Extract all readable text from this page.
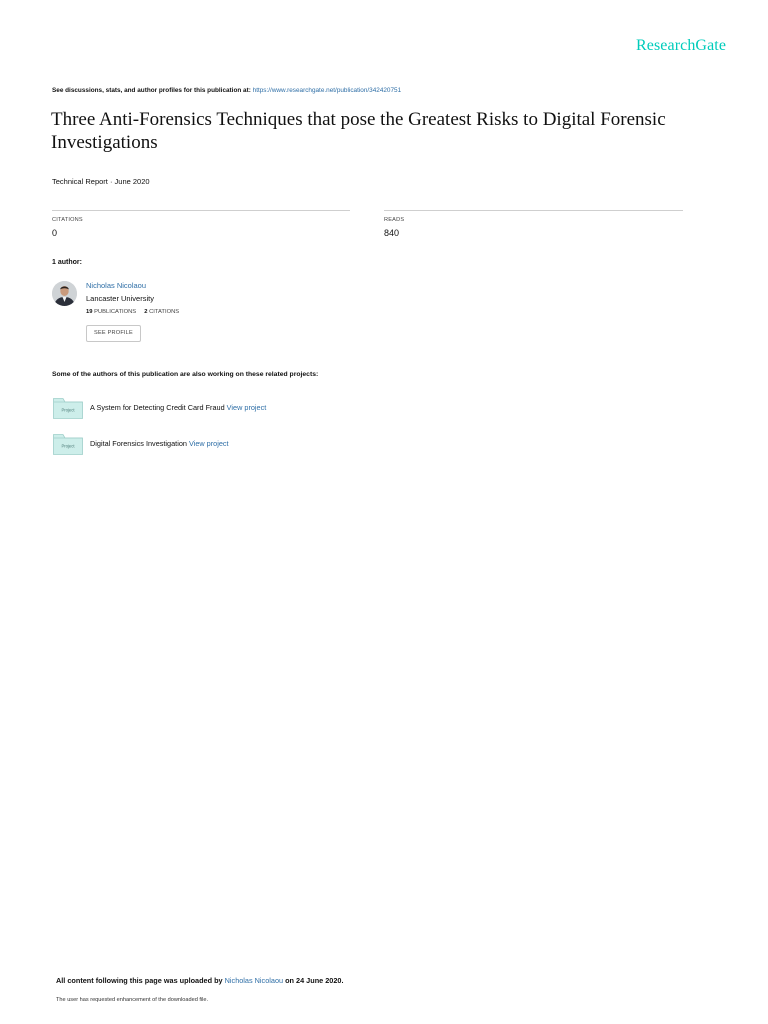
ResearchGate
See discussions, stats, and author profiles for this publication at: https://www.researchgate.net/publication/342420751
Three Anti-Forensics Techniques that pose the Greatest Risks to Digital Forensic Investigations
Technical Report · June 2020
CITATIONS
0
READS
840
1 author:
Nicholas Nicolaou
Lancaster University
19 PUBLICATIONS 2 CITATIONS
SEE PROFILE
Some of the authors of this publication are also working on these related projects:
Project A System for Detecting Credit Card Fraud View project
Project Digital Forensics Investigation View project
All content following this page was uploaded by Nicholas Nicolaou on 24 June 2020.
The user has requested enhancement of the downloaded file.
